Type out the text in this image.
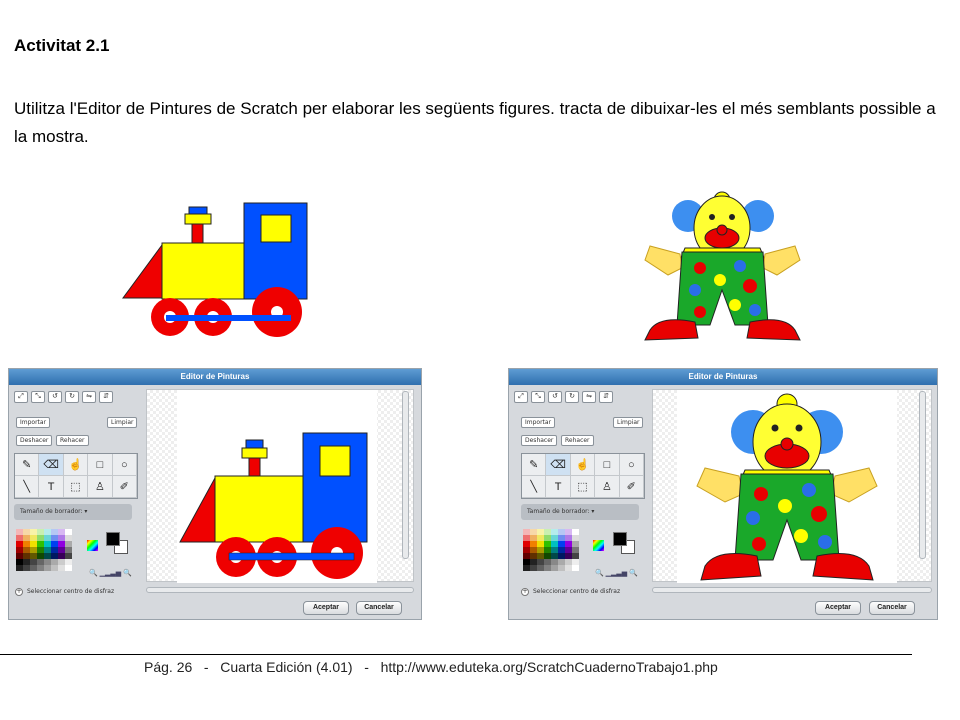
Activitat 2.1
Utilitza l'Editor de Pintures de Scratch per elaborar les següents figures. tracta de dibuixar-les el més semblants possible a la mostra.
Editor de Pinturas
⤢	⤡	↺	↻	⇋	⇵
Importar	Limpiar
Deshacer	Rehacer
✎	⌫ ☝	□	○
╲	T	⬚	♙	✐
Tamaño de borrador: ▾
🔍 ▁▂▃▅ 🔍
+ Seleccionar centro de disfraz
Aceptar	Cancelar
Editor de Pinturas
⤢	⤡	↺	↻	⇋	⇵
Importar	Limpiar
Deshacer	Rehacer
✎	⌫ ☝	□	○
╲	T	⬚	♙	✐
Tamaño de borrador: ▾
🔍 ▁▂▃▅ 🔍
+ Seleccionar centro de disfraz
Aceptar	Cancelar
Pág. 26   -   Cuarta Edición (4.01)   -   http://www.eduteka.org/ScratchCuadernoTrabajo1.php
